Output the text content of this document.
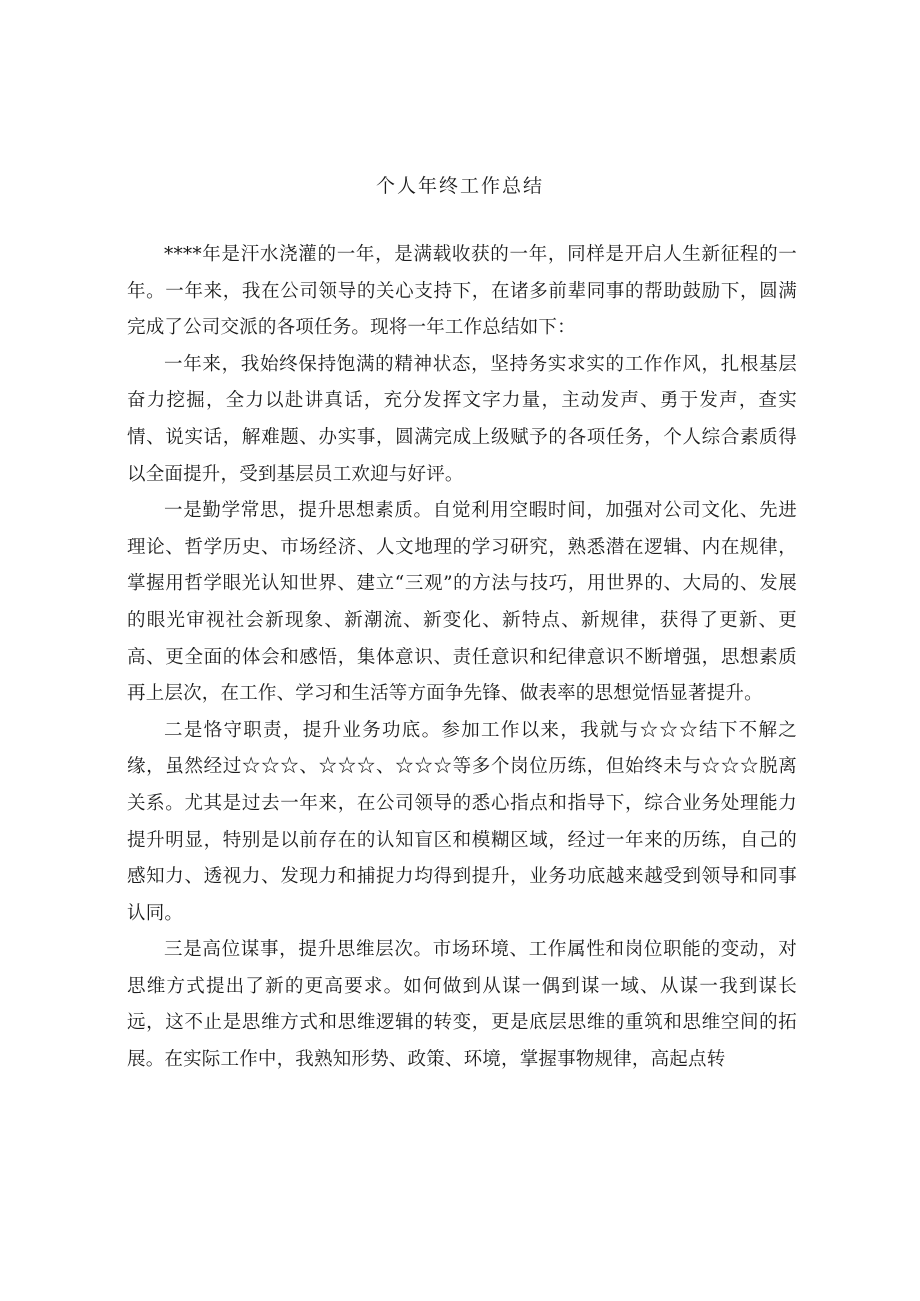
个人年终工作总结

****年是汗水浇灌的一年，是满载收获的一年，同样是开启人生新征程的一年。一年来，我在公司领导的关心支持下，在诸多前辈同事的帮助鼓励下，圆满完成了公司交派的各项任务。现将一年工作总结如下：

一年来，我始终保持饱满的精神状态，坚持务实求实的工作作风，扎根基层奋力挖掘，全力以赴讲真话，充分发挥文字力量，主动发声、勇于发声，查实情、说实话，解难题、办实事，圆满完成上级赋予的各项任务，个人综合素质得以全面提升，受到基层员工欢迎与好评。

一是勤学常思，提升思想素质。自觉利用空暇时间，加强对公司文化、先进理论、哲学历史、市场经济、人文地理的学习研究，熟悉潜在逻辑、内在规律，掌握用哲学眼光认知世界、建立“三观”的方法与技巧，用世界的、大局的、发展的眼光审视社会新现象、新潮流、新变化、新特点、新规律，获得了更新、更高、更全面的体会和感悟，集体意识、责任意识和纪律意识不断增强，思想素质再上层次，在工作、学习和生活等方面争先锋、做表率的思想觉悟显著提升。

二是恪守职责，提升业务功底。参加工作以来，我就与☆☆☆结下不解之缘，虽然经过☆☆☆、☆☆☆、☆☆☆等多个岗位历练，但始终未与☆☆☆脱离关系。尤其是过去一年来，在公司领导的悉心指点和指导下，综合业务处理能力提升明显，特别是以前存在的认知盲区和模糊区域，经过一年来的历练，自己的感知力、透视力、发现力和捕捉力均得到提升，业务功底越来越受到领导和同事认同。

三是高位谋事，提升思维层次。市场环境、工作属性和岗位职能的变动，对思维方式提出了新的更高要求。如何做到从谋一偶到谋一域、从谋一我到谋长远，这不止是思维方式和思维逻辑的转变，更是底层思维的重筑和思维空间的拓展。在实际工作中，我熟知形势、政策、环境，掌握事物规律，高起点转
